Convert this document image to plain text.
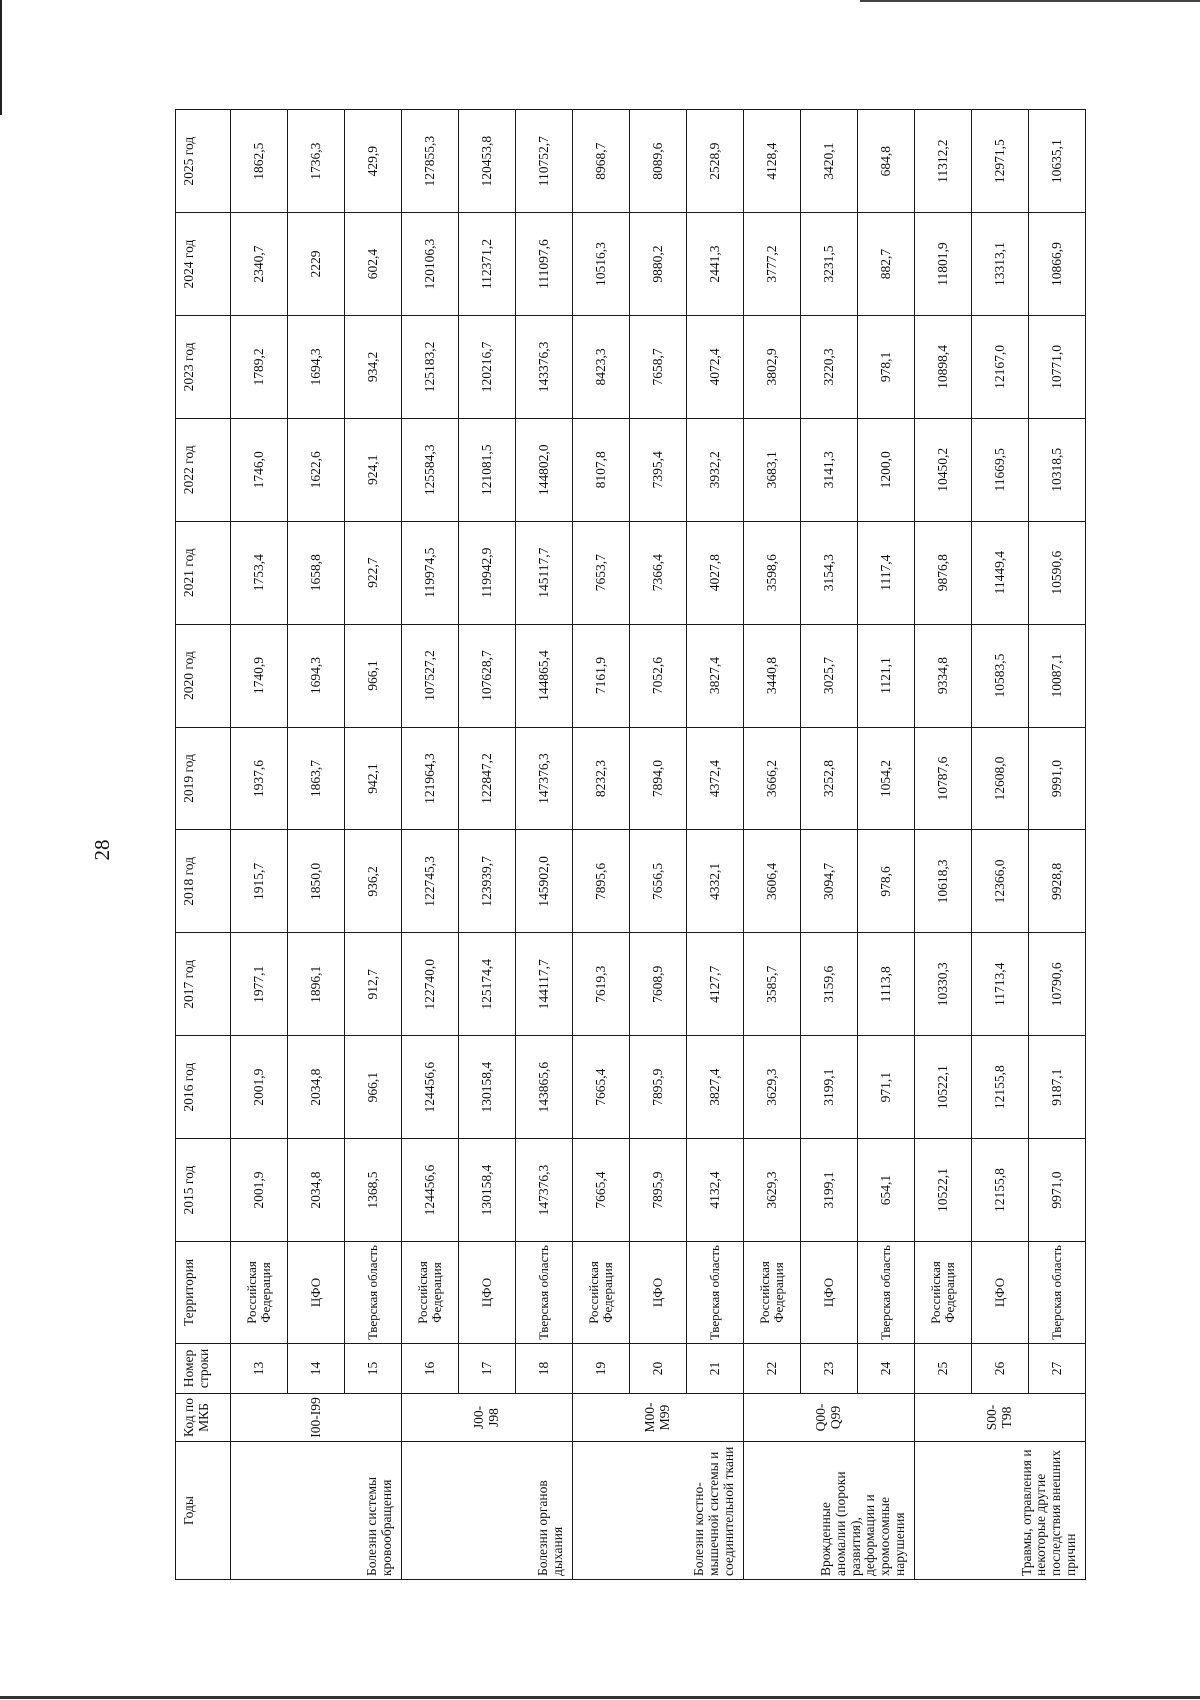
28
Годы	Код по МКБ	Номер строки	Территория	2015 год	2016 год	2017 год	2018 год	2019 год	2020 год	2021 год	2022 год	2023 год	2024 год	2025 год
Болезни системы кровообращения	I00-I99	13	Российская Федерация	2001,9	2001,9	1977,1	1915,7	1937,6	1740,9	1753,4	1746,0	1789,2	2340,7	1862,5
		14	ЦФО	2034,8	2034,8	1896,1	1850,0	1863,7	1694,3	1658,8	1622,6	1694,3	2229	1736,3
		15	Тверская область	1368,5	966,1	912,7	936,2	942,1	966,1	922,7	924,1	934,2	602,4	429,9
Болезни органов дыхания	J00-J98	16	Российская Федерация	124456,6	124456,6	122740,0	122745,3	121964,3	107527,2	119974,5	125584,3	125183,2	120106,3	127855,3
		17	ЦФО	130158,4	130158,4	125174,4	123939,7	122847,2	107628,7	119942,9	121081,5	120216,7	112371,2	120453,8
		18	Тверская область	147376,3	143865,6	144117,7	145902,0	147376,3	144865,4	145117,7	144802,0	143376,3	111097,6	110752,7
Болезни костно-мышечной системы и соединительной ткани	M00-M99	19	Российская Федерация	7665,4	7665,4	7619,3	7895,6	8232,3	7161,9	7653,7	8107,8	8423,3	10516,3	8968,7
		20	ЦФО	7895,9	7895,9	7608,9	7656,5	7894,0	7052,6	7366,4	7395,4	7658,7	9880,2	8089,6
		21	Тверская область	4132,4	3827,4	4127,7	4332,1	4372,4	3827,4	4027,8	3932,2	4072,4	2441,3	2528,9
Врожденные аномалии (пороки развития), деформации и хромосомные нарушения	Q00-Q99	22	Российская Федерация	3629,3	3629,3	3585,7	3606,4	3666,2	3440,8	3598,6	3683,1	3802,9	3777,2	4128,4
		23	ЦФО	3199,1	3199,1	3159,6	3094,7	3252,8	3025,7	3154,3	3141,3	3220,3	3231,5	3420,1
		24	Тверская область	654,1	971,1	1113,8	978,6	1054,2	1121,1	1117,4	1200,0	978,1	882,7	684,8
Травмы, отравления и некоторые другие последствия внешних причин	S00-T98	25	Российская Федерация	10522,1	10522,1	10330,3	10618,3	10787,6	9334,8	9876,8	10450,2	10898,4	11801,9	11312,2
		26	ЦФО	12155,8	12155,8	11713,4	12366,0	12608,0	10583,5	11449,4	11669,5	12167,0	13313,1	12971,5
		27	Тверская область	9971,0	9187,1	10790,6	9928,8	9991,0	10087,1	10590,6	10318,5	10771,0	10866,9	10635,1
